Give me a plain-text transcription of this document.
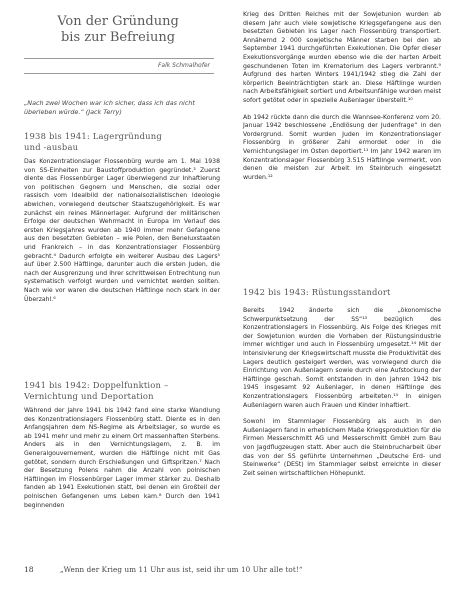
Von der Gründung
bis zur Befreiung
Falk Schmalhofer
„Nach zwei Wochen war ich sicher, dass ich das nicht überleben würde.“ (Jack Terry)
1938 bis 1941: Lagergründung
und -ausbau

Das Konzentrationslager Flossenbürg wurde am 1. Mai 1938 von SS-Einheiten zur Baustoffproduktion gegründet.³ Zuerst diente das Flossenbürger Lager überwiegend zur Inhaftierung von politischen Gegnern und Menschen, die sozial oder rassisch vom Idealbild der nationalsozialistischen Ideologie abwichen, vorwiegend deutscher Staatszugehörigkeit. Es war zunächst ein reines Männerlager. Aufgrund der militärischen Erfolge der deutschen Wehrmacht in Europa im Verlauf des ersten Kriegsjahres wurden ab 1940 immer mehr Gefangene aus den besetzten Gebieten – wie Polen, den Beneluxstaaten und Frankreich – in das Konzentrationslager Flossenbürg gebracht.⁴ Dadurch erfolgte ein weiterer Ausbau des Lagers⁵ auf über 2.500 Häftlinge, darunter auch die ersten Juden, die nach der Ausgrenzung und ihrer schrittweisen Entrechtung nun systematisch verfolgt wurden und vernichtet werden sollten. Nach wie vor waren die deutschen Häftlinge noch stark in der Überzahl.⁶

1941 bis 1942: Doppelfunktion –
Vernichtung und Deportation

Während der Jahre 1941 bis 1942 fand eine starke Wandlung des Konzentrationslagers Flossenbürg statt. Diente es in den Anfangsjahren dem NS-Regime als Arbeitslager, so wurde es ab 1941 mehr und mehr zu einem Ort massenhaften Sterbens. Anders als in den Vernichtungslagern, z. B. im Generalgouvernement, wurden die Häftlinge nicht mit Gas getötet, sondern durch Erschießungen und Giftspritzen.⁷ Nach der Besetzung Polens nahm die Anzahl von polnischen Häftlingen im Flossenbürger Lager immer stärker zu. Deshalb fanden ab 1941 Exekutionen statt, bei denen ein Großteil der polnischen Gefangenen ums Leben kam.⁸ Durch den 1941 beginnenden

Krieg des Dritten Reiches mit der Sowjetunion wurden ab diesem Jahr auch viele sowjetische Kriegsgefangene aus den besetzten Gebieten ins Lager nach Flossenbürg transportiert. Annähernd 2 000 sowjetische Männer starben bei den ab September 1941 durchgeführten Exekutionen. Die Opfer dieser Exekutionsvorgänge wurden ebenso wie die der harten Arbeit geschundenen Toten im Krematorium des Lagers verbrannt.⁹ Aufgrund des harten Winters 1941/1942 stieg die Zahl der körperlich Beeinträchtigten stark an. Diese Häftlinge wurden nach Arbeitsfähigkeit sortiert und Arbeitsunfähige wurden meist sofort getötet oder in spezielle Außenlager überstellt.¹⁰

Ab 1942 rückte dann die durch die Wannsee-Konferenz vom 20. Januar 1942 beschlossene „Endlösung der Judenfrage“ in den Vordergrund. Somit wurden Juden im Konzentrationslager Flossenbürg in größerer Zahl ermordet oder in die Vernichtungslager im Osten deportiert.¹¹ Im Jahr 1942 waren im Konzentrationslager Flossenbürg 3.515 Häftlinge vermerkt, von denen die meisten zur Arbeit im Steinbruch eingesetzt wurden.¹²

1942 bis 1943: Rüstungsstandort

Bereits 1942 änderte sich die „ökonomische Schwerpunktsetzung der SS“¹³ bezüglich des Konzentrationslagers in Flossenbürg. Als Folge des Krieges mit der Sowjetunion wurden die Vorhaben der Rüstungsindustrie immer wichtiger und auch in Flossenbürg umgesetzt.¹⁴ Mit der Intensivierung der Kriegswirtschaft musste die Produktivität des Lagers deutlich gesteigert werden, was vorwiegend durch die Einrichtung von Außenlagern sowie durch eine Aufstockung der Häftlinge geschah. Somit entstanden in den Jahren 1942 bis 1945 insgesamt 92 Außenlager, in denen Häftlinge des Konzentrationslagers Flossenbürg arbeiteten.¹⁵ In einigen Außenlagern waren auch Frauen und Kinder inhaftiert.

Sowohl im Stammlager Flossenbürg als auch in den Außenlagern fand in erheblichem Maße Kriegsproduktion für die Firmen Messerschmitt AG und Messerschmitt GmbH zum Bau von Jagdflugzeugen statt. Aber auch die Steinbrucharbeit über das von der SS geführte Unternehmen „Deutsche Erd- und Steinwerke“ (DESt) im Stammlager selbst erreichte in dieser Zeit seinen wirtschaftlichen Höhepunkt.

18	„Wenn der Krieg um 11 Uhr aus ist, seid ihr um 10 Uhr alle tot!“
